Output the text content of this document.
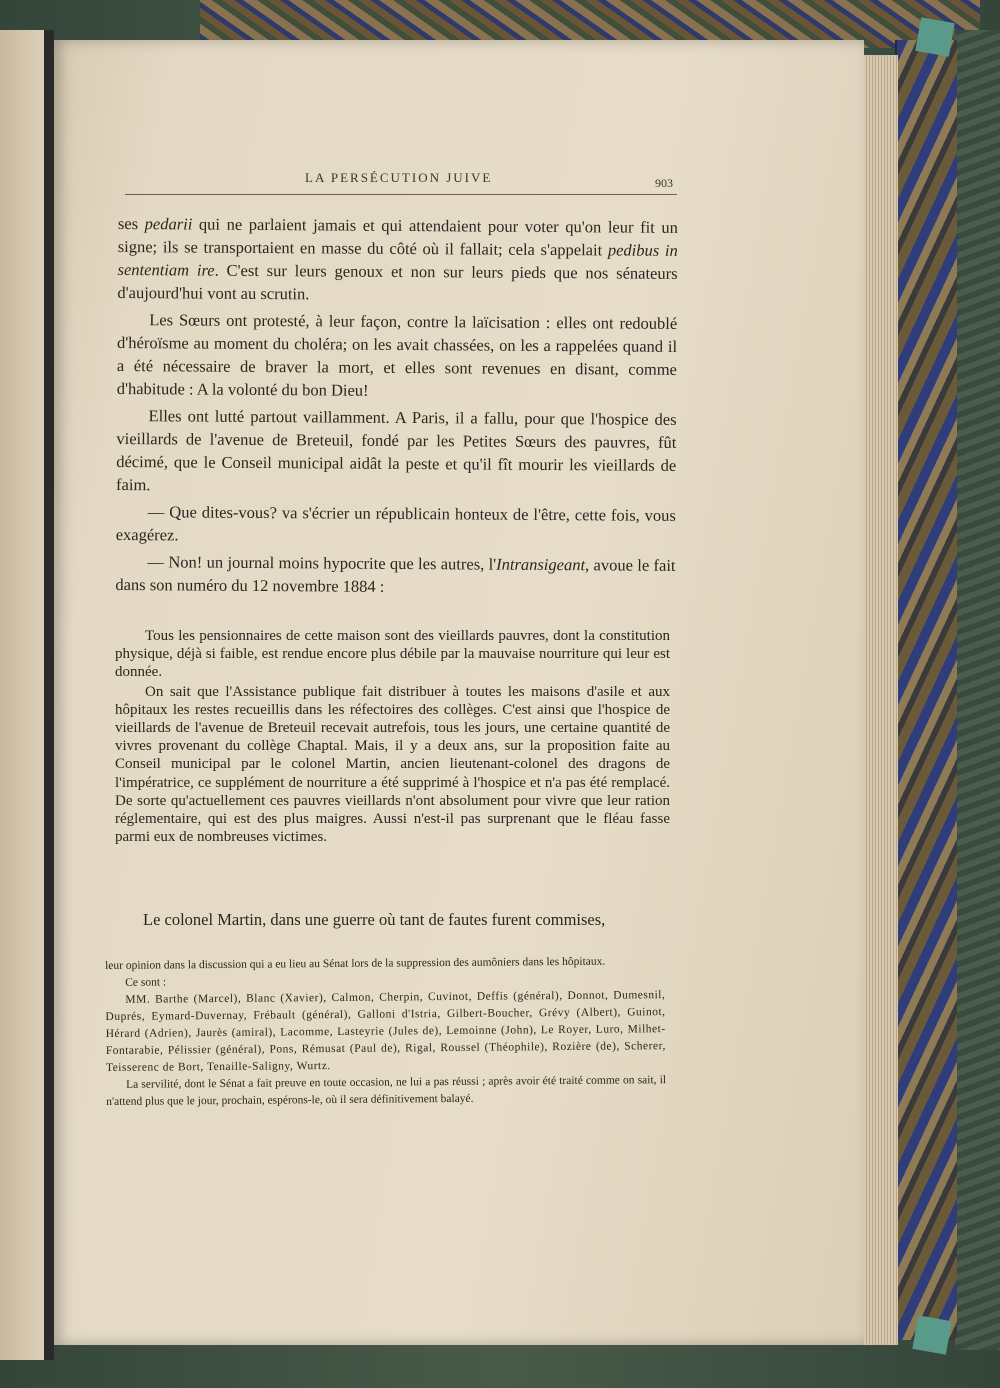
LA PERSÉCUTION JUIVE	903

ses pedarii qui ne parlaient jamais et qui attendaient pour voter qu'on leur fit un signe; ils se transportaient en masse du côté où il fallait; cela s'appelait pedibus in sententiam ire. C'est sur leurs genoux et non sur leurs pieds que nos sénateurs d'aujourd'hui vont au scrutin.

Les Sœurs ont protesté, à leur façon, contre la laïcisation : elles ont redoublé d'héroïsme au moment du choléra; on les avait chassées, on les a rappelées quand il a été nécessaire de braver la mort, et elles sont revenues en disant, comme d'habitude : A la volonté du bon Dieu!

Elles ont lutté partout vaillamment. A Paris, il a fallu, pour que l'hospice des vieillards de l'avenue de Breteuil, fondé par les Petites Sœurs des pauvres, fût décimé, que le Conseil municipal aidât la peste et qu'il fît mourir les vieillards de faim.

— Que dites-vous? va s'écrier un républicain honteux de l'être, cette fois, vous exagérez.

— Non! un journal moins hypocrite que les autres, l'Intransigeant, avoue le fait dans son numéro du 12 novembre 1884 :

Tous les pensionnaires de cette maison sont des vieillards pauvres, dont la constitution physique, déjà si faible, est rendue encore plus débile par la mauvaise nourriture qui leur est donnée.

On sait que l'Assistance publique fait distribuer à toutes les maisons d'asile et aux hôpitaux les restes recueillis dans les réfectoires des collèges. C'est ainsi que l'hospice de vieillards de l'avenue de Breteuil recevait autrefois, tous les jours, une certaine quantité de vivres provenant du collège Chaptal. Mais, il y a deux ans, sur la proposition faite au Conseil municipal par le colonel Martin, ancien lieutenant-colonel des dragons de l'impératrice, ce supplément de nourriture a été supprimé à l'hospice et n'a pas été remplacé. De sorte qu'actuellement ces pauvres vieillards n'ont absolument pour vivre que leur ration réglementaire, qui est des plus maigres. Aussi n'est-il pas surprenant que le fléau fasse parmi eux de nombreuses victimes.

Le colonel Martin, dans une guerre où tant de fautes furent commises,

leur opinion dans la discussion qui a eu lieu au Sénat lors de la suppression des aumôniers dans les hôpitaux.

Ce sont :

MM. Barthe (Marcel), Blanc (Xavier), Calmon, Cherpin, Cuvinot, Deffis (général), Donnot, Dumesnil, Duprés, Eymard-Duvernay, Frébault (général), Galloni d'Istria, Gilbert-Boucher, Grévy (Albert), Guinot, Hérard (Adrien), Jaurès (amiral), Lacomme, Lasteyrie (Jules de), Lemoinne (John), Le Royer, Luro, Milhet-Fontarabie, Pélissier (général), Pons, Rémusat (Paul de), Rigal, Roussel (Théophile), Rozière (de), Scherer, Teisserenc de Bort, Tenaille-Saligny, Wurtz.

La servilité, dont le Sénat a fait preuve en toute occasion, ne lui a pas réussi ; après avoir été traité comme on sait, il n'attend plus que le jour, prochain, espérons-le, où il sera définitivement balayé.
